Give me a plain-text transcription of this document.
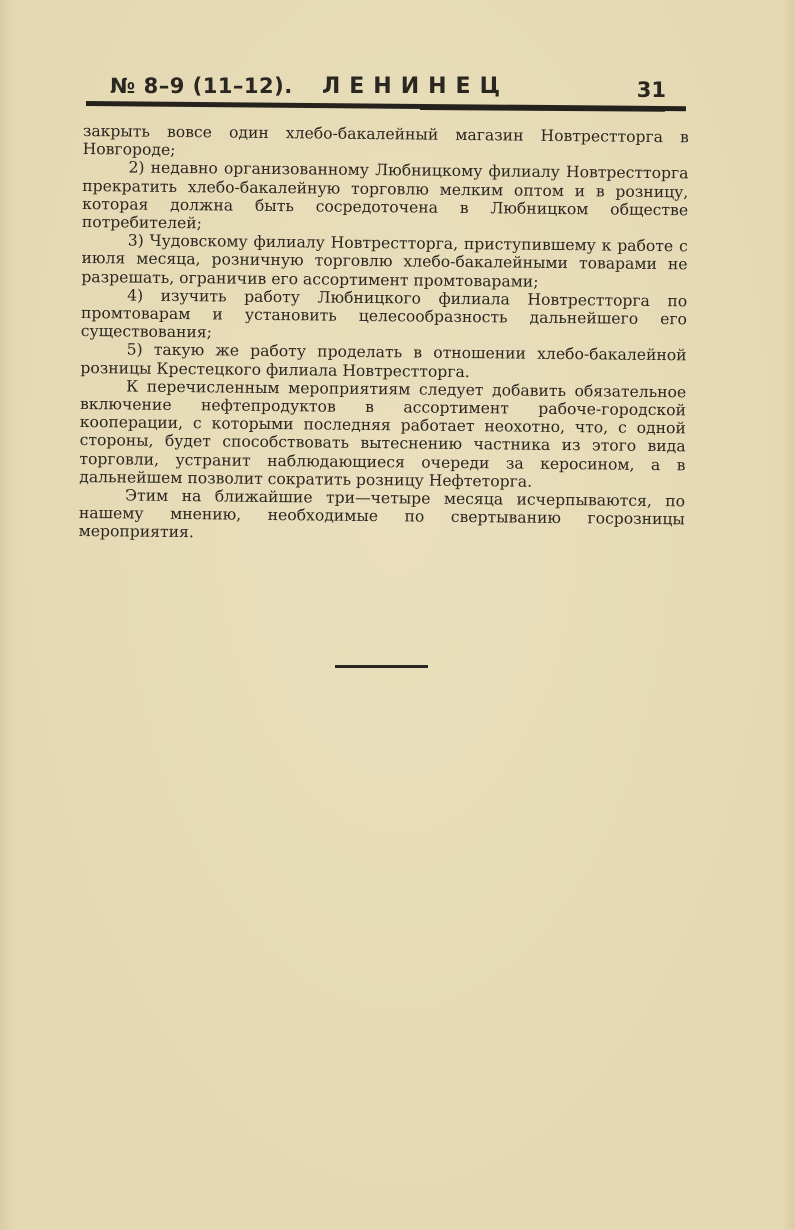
№ 8–9 (11–12). ЛЕНИНЕЦ	31

закрыть вовсе один хлебо-бакалейный магазин Новтрестторга в Новгороде;

2) недавно организованному Любницкому филиалу Новтрестторга прекратить хлебо-бакалейную торговлю мелким оптом и в розницу, которая должна быть сосредоточена в Любницком обществе потребителей;

3) Чудовскому филиалу Новтрестторга, приступившему к работе с июля месяца, розничную торговлю хлебо-бакалейными товарами не разрешать, ограничив его ассортимент промтоварами;

4) изучить работу Любницкого филиала Новтрестторга по промтоварам и установить целесообразность дальнейшего его существования;

5) такую же работу проделать в отношении хлебо-бакалейной розницы Крестецкого филиала Новтрестторга.

К перечисленным мероприятиям следует добавить обязательное включение нефтепродуктов в ассортимент рабоче-городской кооперации, с которыми последняя работает неохотно, что, с одной стороны, будет способствовать вытеснению частника из этого вида торговли, устранит наблюдающиеся очереди за керосином, а в дальнейшем позволит сократить розницу Нефтеторга.

Этим на ближайшие три—четыре месяца исчерпываются, по нашему мнению, необходимые по свертыванию госрозницы мероприятия.
